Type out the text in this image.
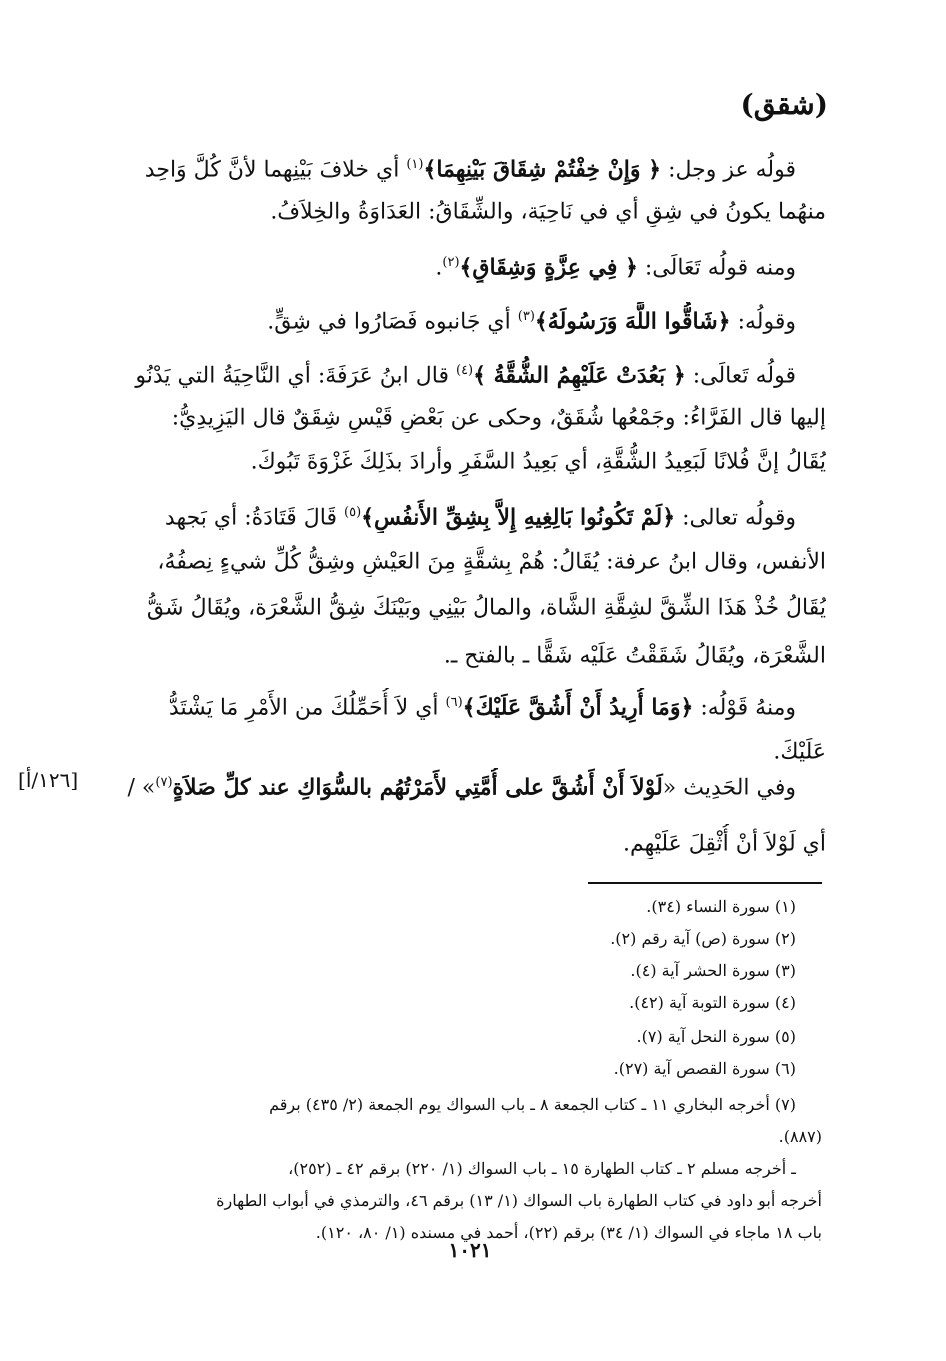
(شقق)
قولُه عز وجل: ﴿ وَإِنْ خِفْتُمْ شِقَاقَ بَيْنِهِمَا﴾$^{(١)}$ أي خلافَ بَيْنِهما لأنَّ كُلَّ وَاحِد
منهُما يكونُ في شِقٍ أي في نَاحِيَة، والشِّقَاقُ: العَدَاوَةُ والخِلاَفُ.
ومنه قولُه تَعَالَى: ﴿ فِي عِزَّةٍ وَشِقَاقٍ﴾$^{(٢)}$.
وقولُه: ﴿شَاقُّوا اللَّهَ وَرَسُولَهُ﴾$^{(٣)}$ أي جَانبوه فَصَارُوا في شِقٍّ.
قولُه تَعالَى: ﴿ بَعُدَتْ عَلَيْهِمُ الشُّقَّةُ ﴾$^{(٤)}$ قال ابنُ عَرَفَةَ: أي النَّاحِيَةُ التي يَدْنُو
إليها قال الفَرَّاءُ: وجَمْعُها شُقَقٌ، وحكى عن بَعْضِ قَيْسٍ شِقَقٌ قال اليَزِيدِيُّ:
يُقَالُ إنَّ فُلانًا لَبَعِيدُ الشُّقَّةِ، أي بَعِيدُ السَّفَرِ وأرادَ بذَلِكَ غَزْوَةَ تَبُوكَ.
وقولُه تعالى: ﴿لَمْ تَكُونُوا بَالِغِيهِ إِلاَّ بِشِقِّ الأَنفُسِ﴾$^{(٥)}$ قَالَ قَتَادَةُ: أي بَجهد
الأنفس، وقال ابنُ عرفة: يُقَالُ: هُمْ بِشقَّةٍ مِنَ العَيْشِ وشِقُّ كُلِّ شيءٍ نِصفُهُ،
يُقَالُ خُذْ هَذَا الشِّقَّ لشِقَّةِ الشَّاة، والمالُ بَيْنِي وبَيْنَكَ شِقُّ الشَّعْرَة، ويُقَالُ شَقُّ
الشَّعْرَة، ويُقَالُ شَقَقْتُ عَلَيْه شَقًّا ـ بالفتح ـ.
ومنهُ قَوْلُه: ﴿وَمَا أُرِيدُ أَنْ أَشُقَّ عَلَيْكَ﴾$^{(٦)}$ أي لاَ أُحَمِّلُكَ من الأَمْرِ مَا يَشْتَدُّ
عَلَيْكَ.
وفي الحَدِيث «لَوْلاَ أَنْ أَشُقَّ على أُمَّتِي لأَمَرْتُهُم بالسُّوَاكِ عند كلِّ صَلاَةٍ$^{(٧)}$» /
أي لَوْلاَ أنْ أُثْقِلَ عَلَيْهِم.
[١٢٦/أ]
(١) سورة النساء (٣٤).
(٢) سورة (ص) آية رقم (٢).
(٣) سورة الحشر آية (٤).
(٤) سورة التوبة آية (٤٢).
(٥) سورة النحل آية (٧).
(٦) سورة القصص آية (٢٧).
(٧) أخرجه البخاري ١١ ـ كتاب الجمعة ٨ ـ باب السواك يوم الجمعة (٢/ ٤٣٥) برقم
(٨٨٧).
ـ أخرجه مسلم ٢ ـ كتاب الطهارة ١٥ ـ باب السواك (١/ ٢٢٠) برقم ٤٢ ـ (٢٥٢)،
أخرجه أبو داود في كتاب الطهارة باب السواك (١/ ١٣) برقم ٤٦، والترمذي في أبواب الطهارة
باب ١٨ ماجاء في السواك (١/ ٣٤) برقم (٢٢)، أحمد في مسنده (١/ ٨٠، ١٢٠).
١٠٢١
